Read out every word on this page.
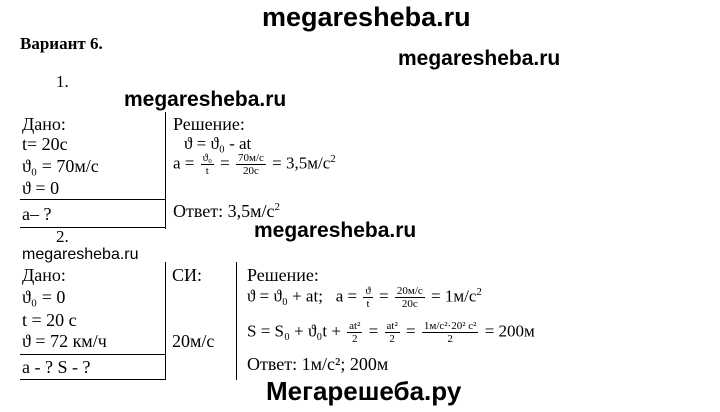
megaresheba.ru
megaresheba.ru
megaresheba.ru
megaresheba.ru
megaresheba.ru
Мегарешеба.ру
Вариант 6.
1.
Дано:
t= 20c
ϑ₀ = 70м/с
ϑ = 0
a– ?
Решение:
ϑ = ϑ₀ - at
$a = \frac{\text{ϑ₀}}{t} = \frac{70м/с}{20с} = 3,5м/с^2$
Ответ: $3,5м/с^2$
2.
Дано:
ϑ₀ = 0
t = 20 с
ϑ = 72 км/ч
a - ? S - ?
СИ:
20м/с
Решение:
ϑ = ϑ₀ + at; $a = \frac{ϑ}{t} = \frac{20м/с}{20с} = 1м/с^2$
$S = S_0 + ϑ_0t + \frac{\text{at²}}{2} = \frac{\text{at²}}{2} = \frac{\text{1м/с²·20² с²}}{2} = 200м$
Ответ: 1м/с²; 200м
